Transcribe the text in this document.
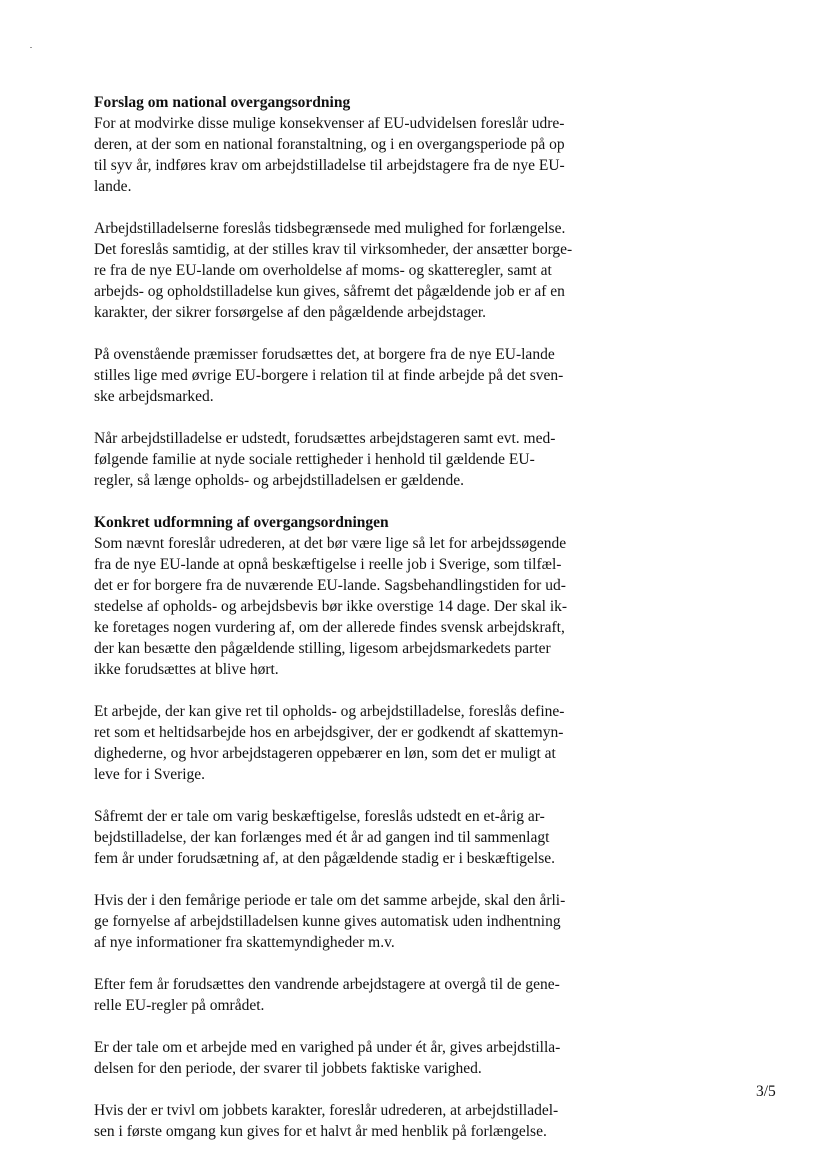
Forslag om national overgangsordning

For at modvirke disse mulige konsekvenser af EU-udvidelsen foreslår udre-
deren, at der som en national foranstaltning, og i en overgangsperiode på op
til syv år, indføres krav om arbejdstilladelse til arbejdstagere fra de nye EU-
lande.

Arbejdstilladelserne foreslås tidsbegrænsede med mulighed for forlængelse.
Det foreslås samtidig, at der stilles krav til virksomheder, der ansætter borge-
re fra de nye EU-lande om overholdelse af moms- og skatteregler, samt at
arbejds- og opholdstilladelse kun gives, såfremt det pågældende job er af en
karakter, der sikrer forsørgelse af den pågældende arbejdstager.

På ovenstående præmisser forudsættes det, at borgere fra de nye EU-lande
stilles lige med øvrige EU-borgere i relation til at finde arbejde på det sven-
ske arbejdsmarked.

Når arbejdstilladelse er udstedt, forudsættes arbejdstageren samt evt. med-
følgende familie at nyde sociale rettigheder i henhold til gældende EU-
regler, så længe opholds- og arbejdstilladelsen er gældende.

Konkret udformning af overgangsordningen

Som nævnt foreslår udrederen, at det bør være lige så let for arbejdssøgende
fra de nye EU-lande at opnå beskæftigelse i reelle job i Sverige, som tilfæl-
det er for borgere fra de nuværende EU-lande. Sagsbehandlingstiden for ud-
stedelse af opholds- og arbejdsbevis bør ikke overstige 14 dage. Der skal ik-
ke foretages nogen vurdering af, om der allerede findes svensk arbejdskraft,
der kan besætte den pågældende stilling, ligesom arbejdsmarkedets parter
ikke forudsættes at blive hørt.

Et arbejde, der kan give ret til opholds- og arbejdstilladelse, foreslås define-
ret som et heltidsarbejde hos en arbejdsgiver, der er godkendt af skattemyn-
dighederne, og hvor arbejdstageren oppebærer en løn, som det er muligt at
leve for i Sverige.

Såfremt der er tale om varig beskæftigelse, foreslås udstedt en et-årig ar-
bejdstilladelse, der kan forlænges med ét år ad gangen ind til sammenlagt
fem år under forudsætning af, at den pågældende stadig er i beskæftigelse.

Hvis der i den femårige periode er tale om det samme arbejde, skal den årli-
ge fornyelse af arbejdstilladelsen kunne gives automatisk uden indhentning
af nye informationer fra skattemyndigheder m.v.

Efter fem år forudsættes den vandrende arbejdstagere at overgå til de gene-
relle EU-regler på området.

Er der tale om et arbejde med en varighed på under ét år, gives arbejdstilla-
delsen for den periode, der svarer til jobbets faktiske varighed.

Hvis der er tvivl om jobbets karakter, foreslår udrederen, at arbejdstilladel-
sen i første omgang kun gives for et halvt år med henblik på forlængelse.

3/5
